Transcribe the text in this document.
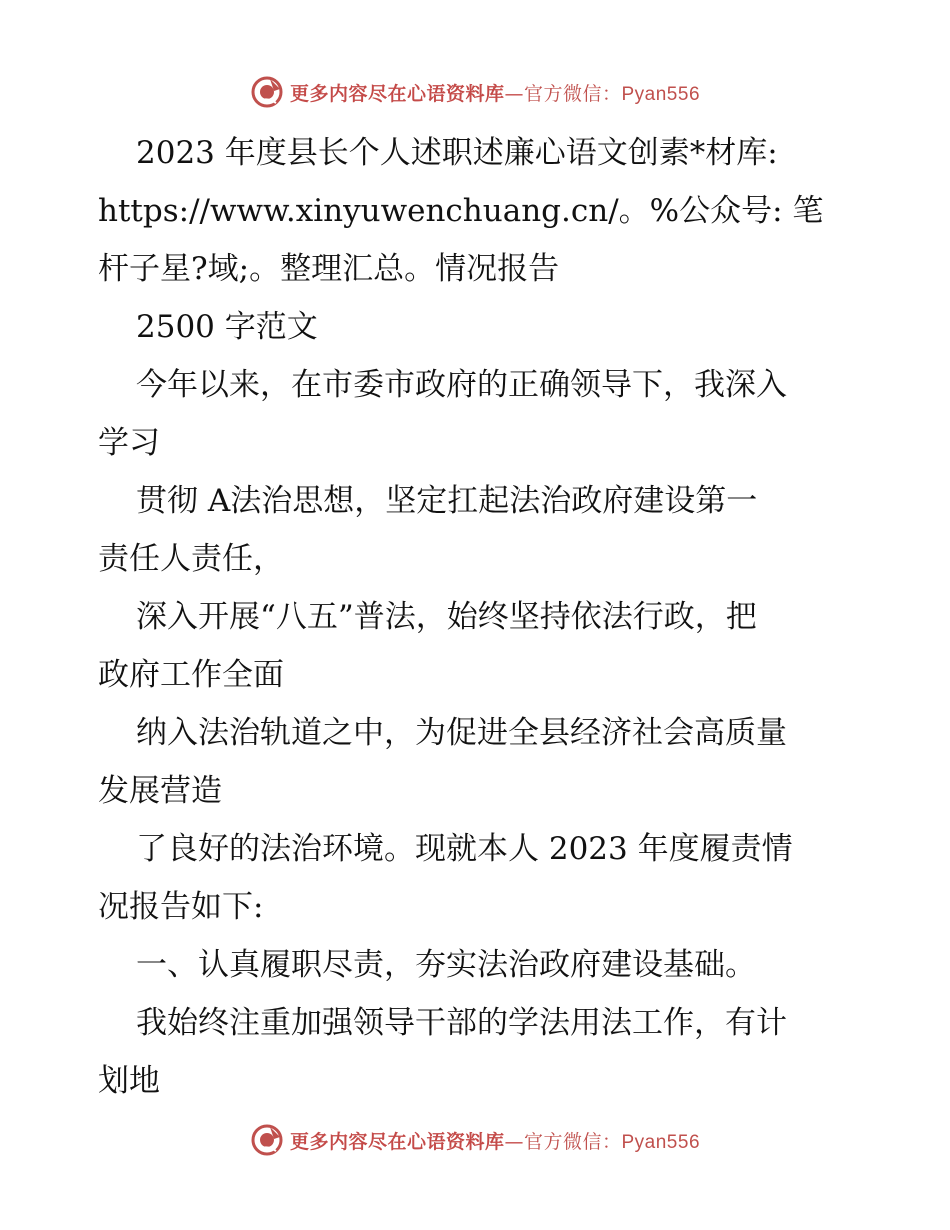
更多内容尽在心语资料库—官方微信：Pyan556
2023 年度县长个人述职述廉心语文创素*材库:
https://www.xinyuwenchuang.cn/。%公众号: 笔
杆子星?域;。整理汇总。情况报告
2500 字范文
今年以来，在市委市政府的正确领导下，我深入
学习
贯彻 A法治思想，坚定扛起法治政府建设第一
责任人责任，
深入开展“八五”普法，始终坚持依法行政，把
政府工作全面
纳入法治轨道之中，为促进全县经济社会高质量
发展营造
了良好的法治环境。现就本人 2023 年度履责情
况报告如下:
一、认真履职尽责，夯实法治政府建设基础。
我始终注重加强领导干部的学法用法工作，有计
划地
更多内容尽在心语资料库—官方微信：Pyan556
